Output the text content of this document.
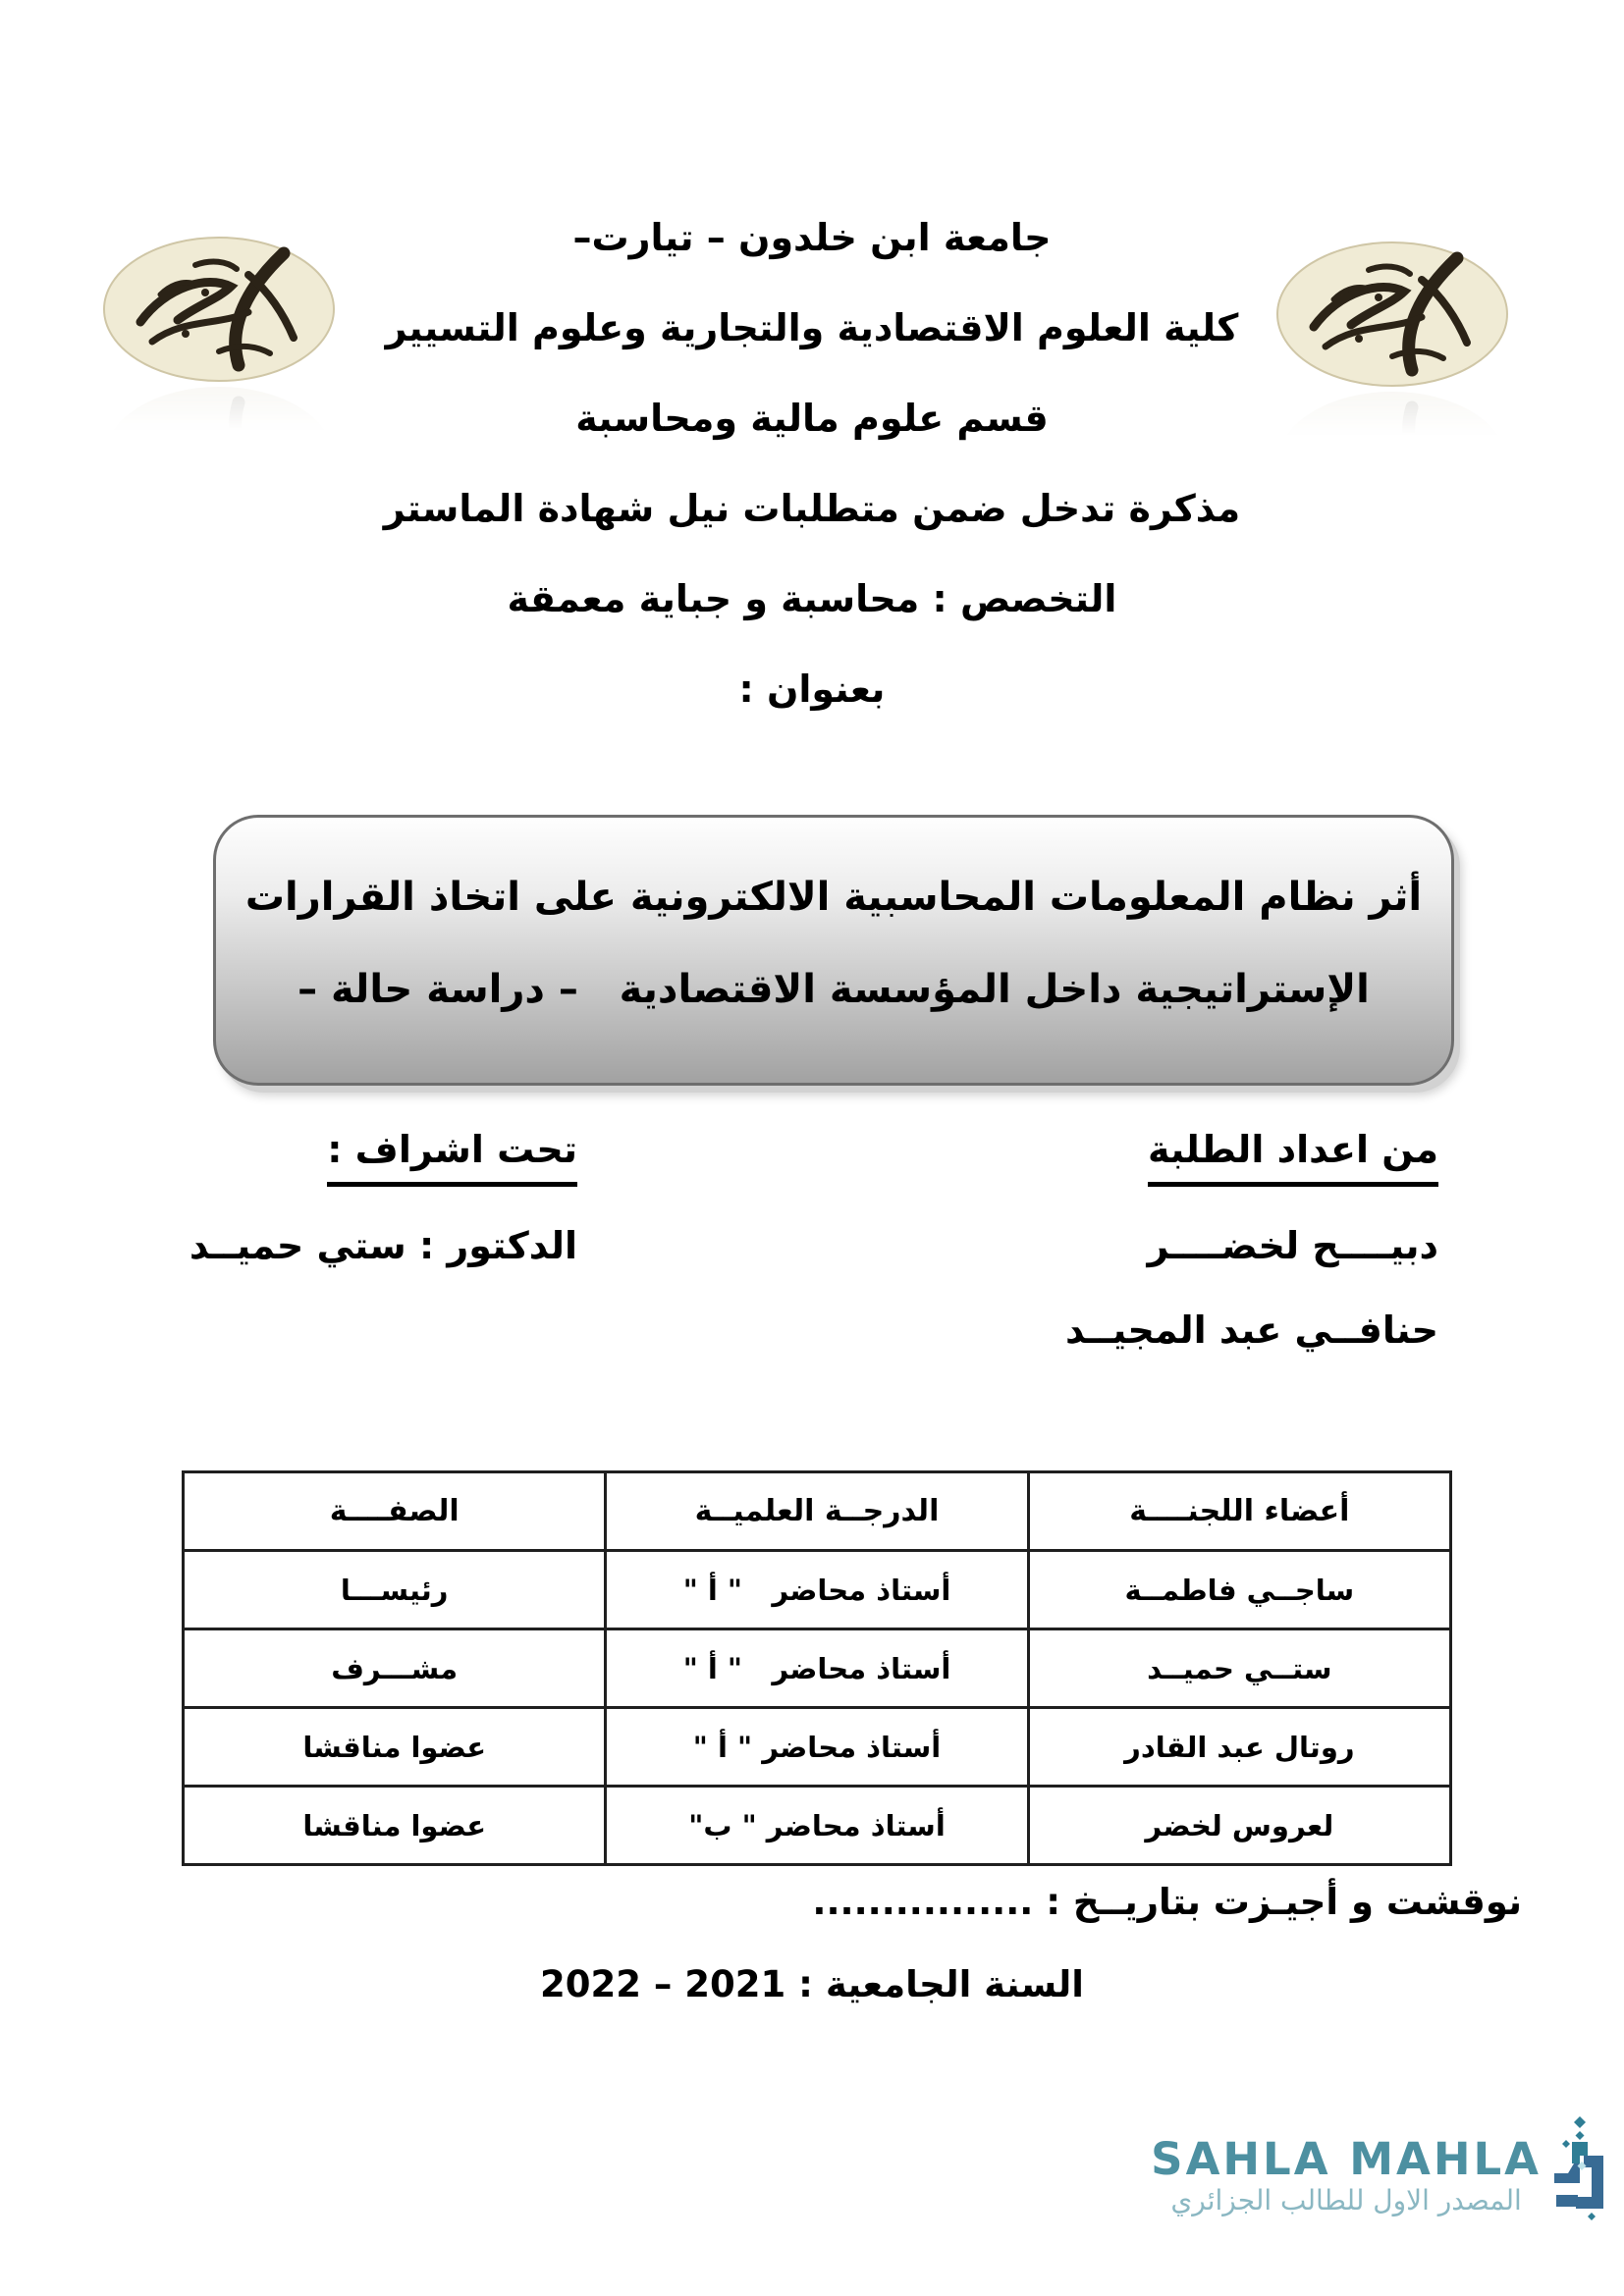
جامعة ابن خلدون – تيارت–
كلية العلوم الاقتصادية والتجارية وعلوم التسيير
قسم علوم مالية ومحاسبة
مذكرة تدخل ضمن متطلبات نيل شهادة الماستر
التخصص : محاسبة و جباية معمقة
بعنوان :
أثر نظام المعلومات المحاسبية الالكترونية على اتخاذ القرارات
الإستراتيجية داخل المؤسسة الاقتصادية   – دراسة حالة –
من اعداد الطلبة
دبيــــح لخضــــر
حنافــي عبد المجيــد
تحت اشراف :
الدكتور : ستي حميــد
أعضاء اللجنــــة	الدرجــة العلميــة	الصفــــة
ساجــي فاطمــة	أستاذ محاضر   " أ "	رئيســـا
ستــي حميــد	أستاذ محاضر   " أ "	مشـــرف
روتال عبد القادر	أستاذ محاضر " أ "	عضوا مناقشا
لعروس لخضر	أستاذ محاضر " ب"	عضوا مناقشا
نوقشت و أجيـزت بتاريــخ : ................
السنة الجامعية : 2021 – 2022
SAHLA MAHLA
المصدر الاول للطالب الجزائري
